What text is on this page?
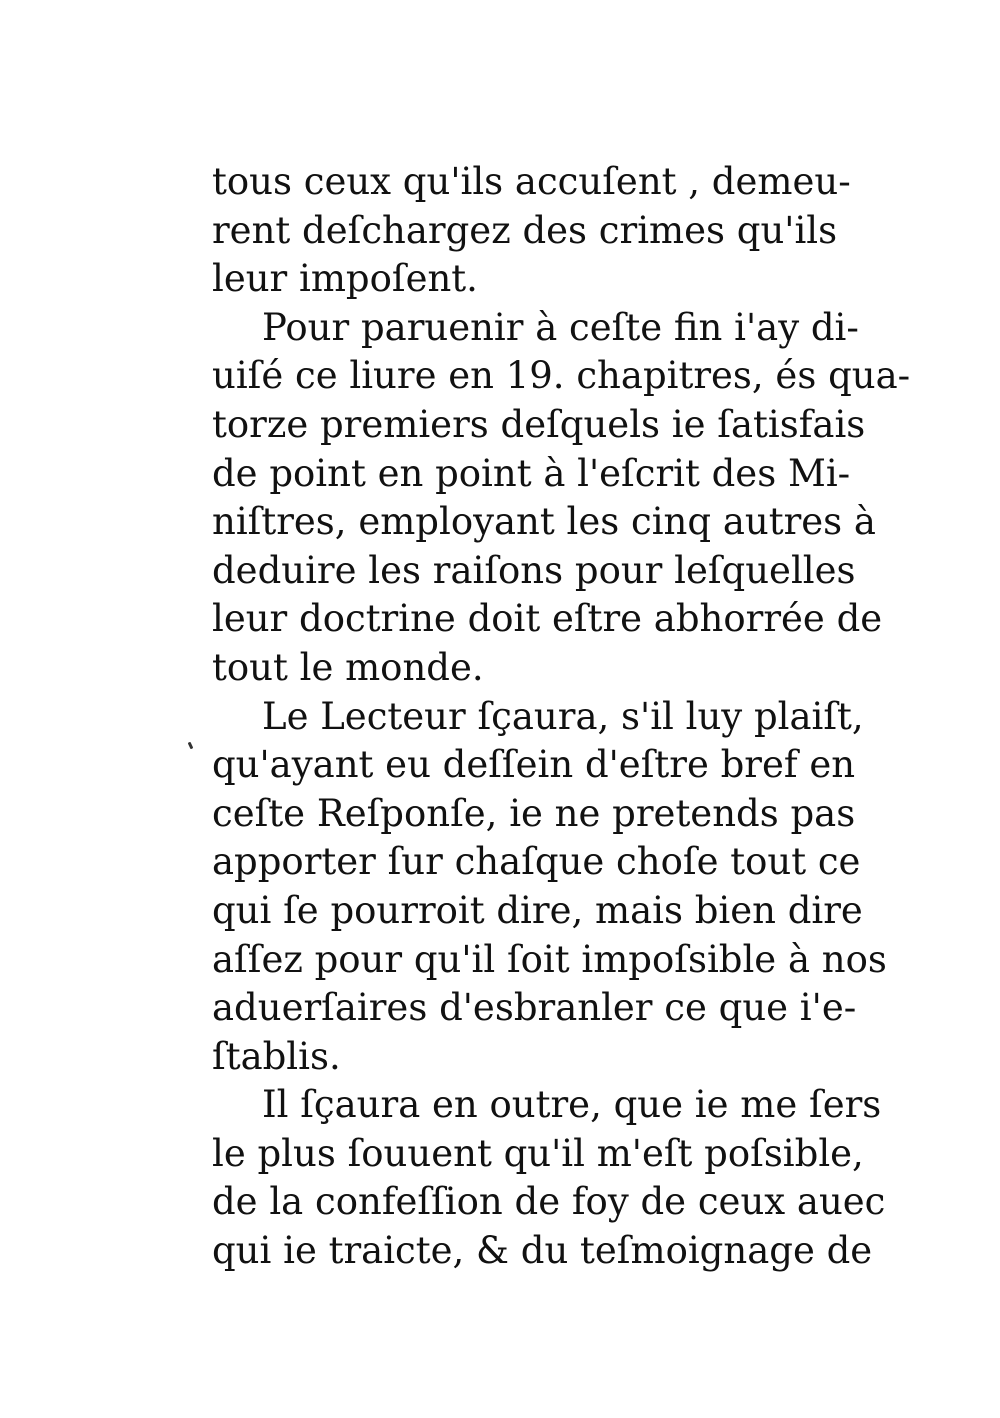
tous ceux qu'ils accuſent , demeu-
rent deſchargez des crimes qu'ils
leur impoſent.
Pour paruenir à ceſte fin i'ay di-
uiſé ce liure en 19. chapitres, és qua-
torze premiers deſquels ie ſatisfais
de point en point à l'eſcrit des Mi-
niſtres, employant les cinq autres à
deduire les raiſons pour leſquelles
leur doctrine doit eſtre abhorrée de
tout le monde.
Le Lecteur ſçaura, s'il luy plaiſt,
qu'ayant eu deſſein d'eſtre bref en
ceſte Reſponſe, ie ne pretends pas
apporter ſur chaſque choſe tout ce
qui ſe pourroit dire, mais bien dire
aſſez pour qu'il ſoit impoſsible à nos
aduerſaires d'esbranler ce que i'e-
ſtablis.
Il ſçaura en outre, que ie me ſers
le plus ſouuent qu'il m'eſt poſsible,
de la confeſſion de foy de ceux auec
qui ie traicte, & du teſmoignage de
